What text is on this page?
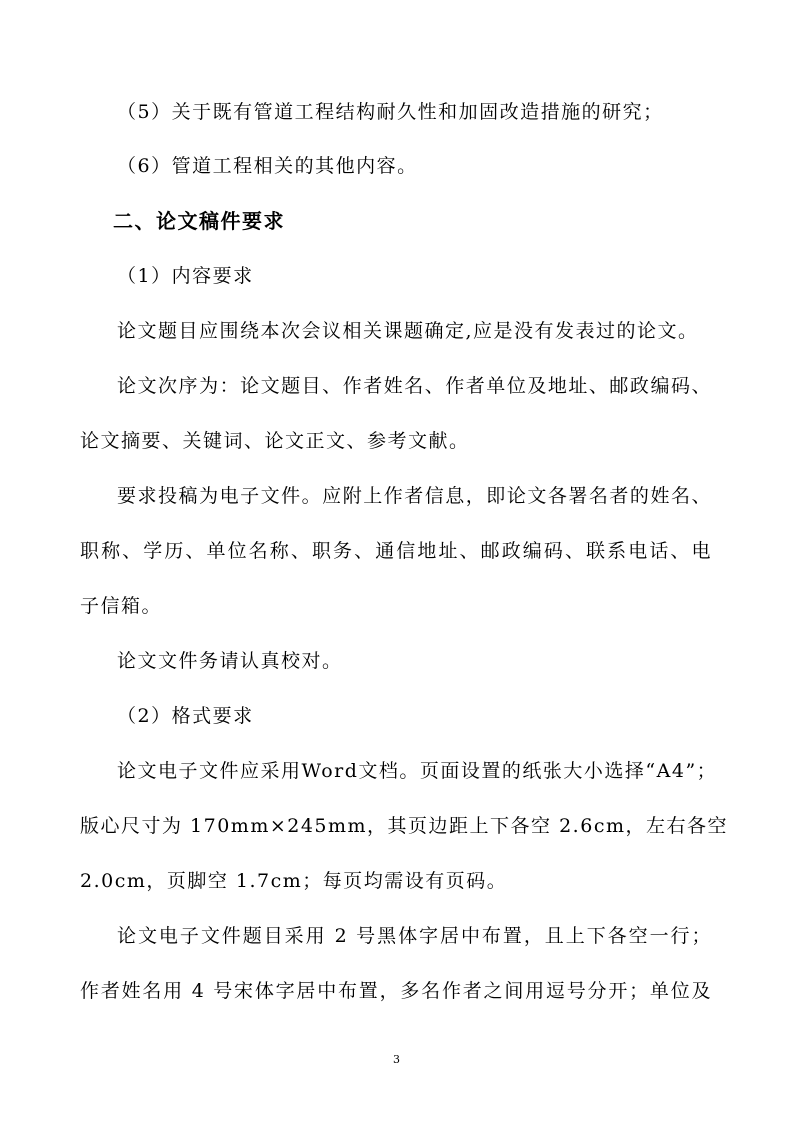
（5）关于既有管道工程结构耐久性和加固改造措施的研究；
（6）管道工程相关的其他内容。
二、论文稿件要求
（1）内容要求
论文题目应围绕本次会议相关课题确定,应是没有发表过的论文。
论文次序为：论文题目、作者姓名、作者单位及地址、邮政编码、
论文摘要、关键词、论文正文、参考文献。
要求投稿为电子文件。应附上作者信息，即论文各署名者的姓名、
职称、学历、单位名称、职务、通信地址、邮政编码、联系电话、电
子信箱。
论文文件务请认真校对。
（2）格式要求
论文电子文件应采用Word文档。页面设置的纸张大小选择“A4”；
版心尺寸为 170mm×245mm，其页边距上下各空 2.6cm，左右各空
2.0cm，页脚空 1.7cm；每页均需设有页码。
论文电子文件题目采用 2 号黑体字居中布置，且上下各空一行；
作者姓名用 4 号宋体字居中布置，多名作者之间用逗号分开；单位及
3
